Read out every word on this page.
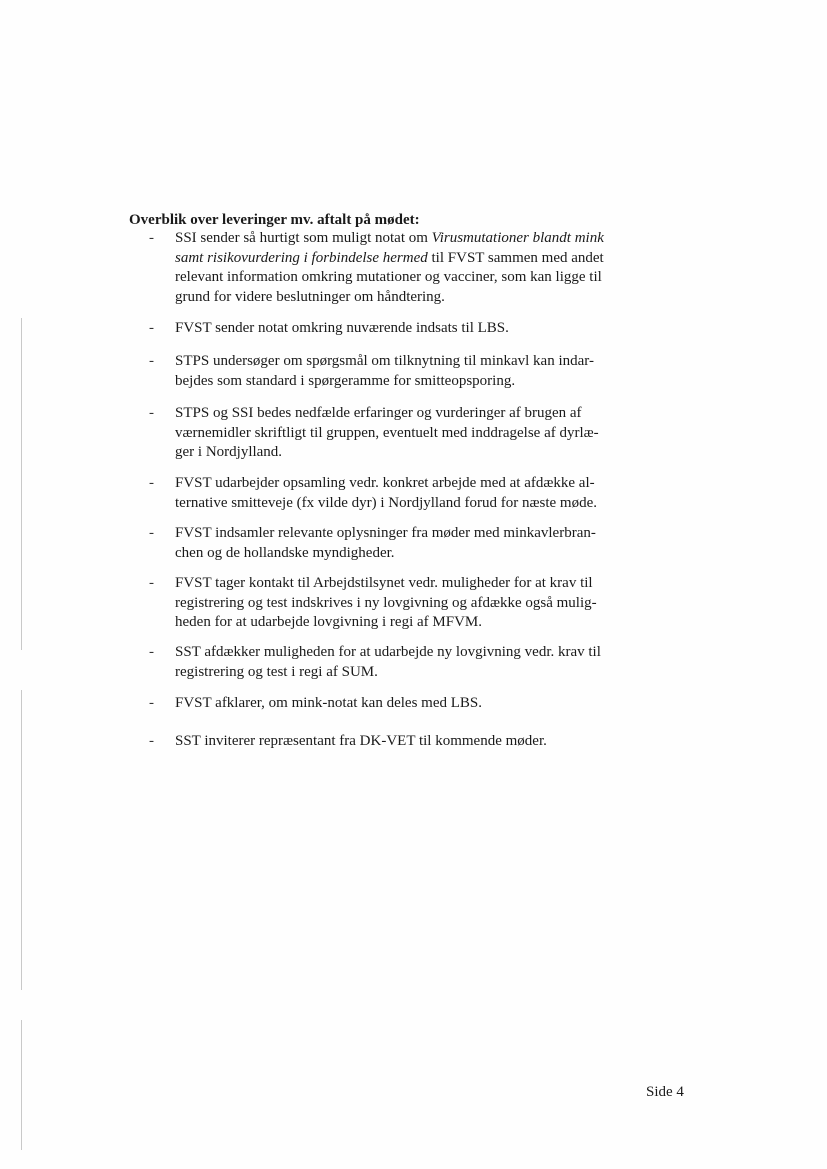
Overblik over leveringer mv. aftalt på mødet:
-	SSI sender så hurtigt som muligt notat om Virusmutationer blandt mink
samt risikovurdering i forbindelse hermed til FVST sammen med andet
relevant information omkring mutationer og vacciner, som kan ligge til
grund for videre beslutninger om håndtering.
-	FVST sender notat omkring nuværende indsats til LBS.
-	STPS undersøger om spørgsmål om tilknytning til minkavl kan indar-
bejdes som standard i spørgeramme for smitteopsporing.
-	STPS og SSI bedes nedfælde erfaringer og vurderinger af brugen af
værnemidler skriftligt til gruppen, eventuelt med inddragelse af dyrlæ-
ger i Nordjylland.
-	FVST udarbejder opsamling vedr. konkret arbejde med at afdække al-
ternative smitteveje (fx vilde dyr) i Nordjylland forud for næste møde.
-	FVST indsamler relevante oplysninger fra møder med minkavlerbran-
chen og de hollandske myndigheder.
-	FVST tager kontakt til Arbejdstilsynet vedr. muligheder for at krav til
registrering og test indskrives i ny lovgivning og afdække også mulig-
heden for at udarbejde lovgivning i regi af MFVM.
-	SST afdækker muligheden for at udarbejde ny lovgivning vedr. krav til
registrering og test i regi af SUM.
-	FVST afklarer, om mink-notat kan deles med LBS.
-	SST inviterer repræsentant fra DK-VET til kommende møder.
Side 4
